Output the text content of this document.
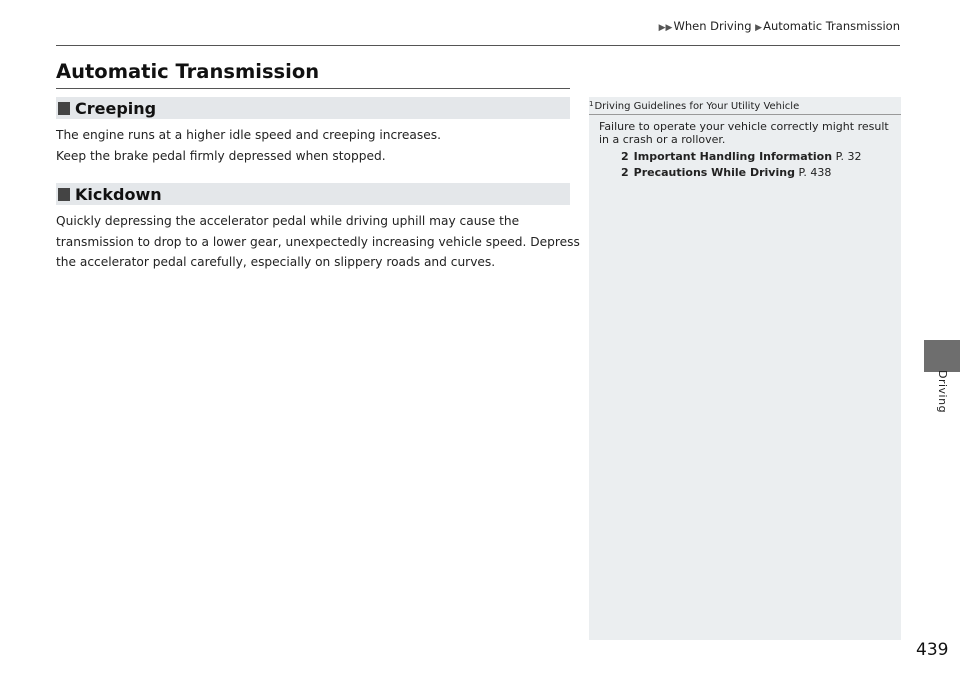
▶▶When Driving ▶Automatic Transmission
Automatic Transmission
Creeping

The engine runs at a higher idle speed and creeping increases.
Keep the brake pedal firmly depressed when stopped.

Kickdown

Quickly depressing the accelerator pedal while driving uphill may cause the
transmission to drop to a lower gear, unexpectedly increasing vehicle speed. Depress
the accelerator pedal carefully, especially on slippery roads and curves.

$^1$Driving Guidelines for Your Utility Vehicle

Failure to operate your vehicle correctly might result
in a crash or a rollover.

2 Important Handling Information P. 32
2 Precautions While Driving P. 438
Driving
439
